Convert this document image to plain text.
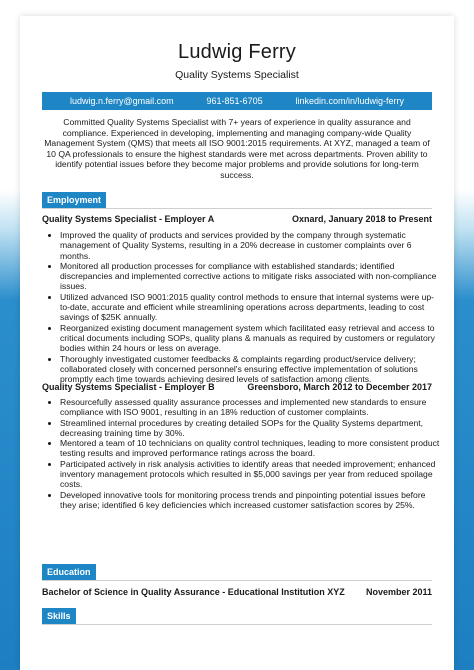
Ludwig Ferry
Quality Systems Specialist
ludwig.n.ferry@gmail.com	961-851-6705	linkedin.com/in/ludwig-ferry
Committed Quality Systems Specialist with 7+ years of experience in quality assurance and compliance. Experienced in developing, implementing and managing company-wide Quality Management System (QMS) that meets all ISO 9001:2015 requirements. At XYZ, managed a team of 10 QA professionals to ensure the highest standards were met across departments. Proven ability to identify potential issues before they become major problems and provide solutions for long-term success.
Employment
Quality Systems Specialist - Employer A	Oxnard, January 2018 to Present
• Improved the quality of products and services provided by the company through systematic management of Quality Systems, resulting in a 20% decrease in customer complaints over 6 months.
• Monitored all production processes for compliance with established standards; identified discrepancies and implemented corrective actions to mitigate risks associated with non-compliance issues.
• Utilized advanced ISO 9001:2015 quality control methods to ensure that internal systems were up-to-date, accurate and efficient while streamlining operations across departments, leading to cost savings of $25K annually.
• Reorganized existing document management system which facilitated easy retrieval and access to critical documents including SOPs, quality plans & manuals as required by customers or regulatory bodies within 24 hours or less on average.
• Thoroughly investigated customer feedbacks & complaints regarding product/service delivery; collaborated closely with concerned personnel's ensuring effective implementation of solutions promptly each time towards achieving desired levels of satisfaction among clients.
Quality Systems Specialist - Employer B	Greensboro, March 2012 to December 2017
• Resourcefully assessed quality assurance processes and implemented new standards to ensure compliance with ISO 9001, resulting in an 18% reduction of customer complaints.
• Streamlined internal procedures by creating detailed SOPs for the Quality Systems department, decreasing training time by 30%.
• Mentored a team of 10 technicians on quality control techniques, leading to more consistent product testing results and improved performance ratings across the board.
• Participated actively in risk analysis activities to identify areas that needed improvement; enhanced inventory management protocols which resulted in $5,000 savings per year from reduced spoilage costs.
• Developed innovative tools for monitoring process trends and pinpointing potential issues before they arise; identified 6 key deficiencies which increased customer satisfaction scores by 25%.
Education
Bachelor of Science in Quality Assurance - Educational Institution XYZ November 2011
Skills
